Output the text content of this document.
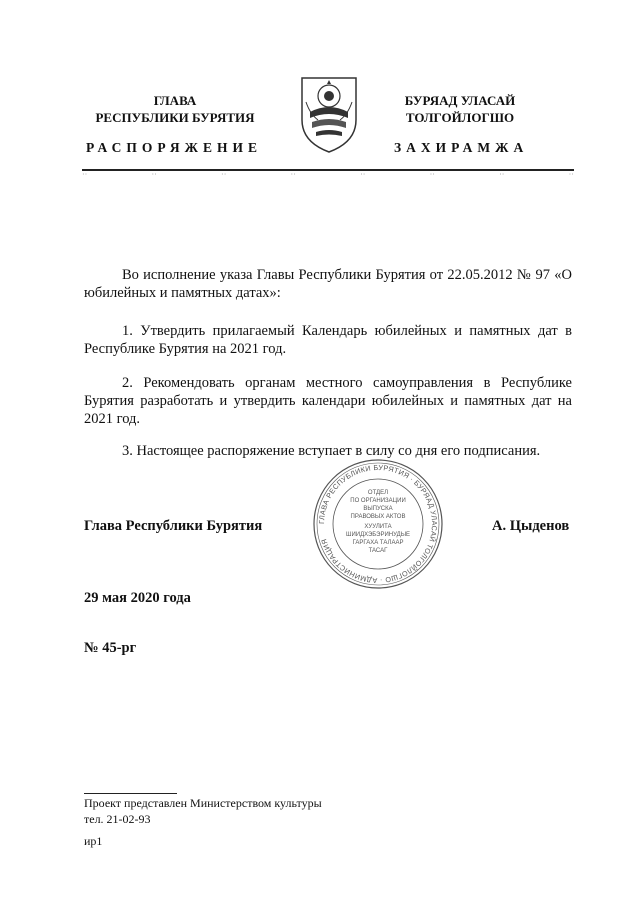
ГЛАВА
РЕСПУБЛИКИ БУРЯТИЯ
БУРЯАД УЛАСАЙ
ТОЛГОЙЛОГШО
РАСПОРЯЖЕНИЕ	ЗАХИРАМЖА
··	··	··	··	··	··	··	··
Во исполнение указа Главы Республики Бурятия от 22.05.2012 № 97 «О юбилейных и памятных датах»:
1. Утвердить прилагаемый Календарь юбилейных и памятных дат в Республике Бурятия на 2021 год.
2. Рекомендовать органам местного самоуправления в Республике Бурятия разработать и утвердить календари юбилейных и памятных дат на 2021 год.
3. Настоящее распоряжение вступает в силу со дня его подписания.
ГЛАВА РЕСПУБЛИКИ БУРЯТИЯ · БУРЯАД УЛАСАЙ ТОЛГОЙЛОГШО · АДМИНИСТРАЦИЯ
ОТДЕЛ
ПО ОРГАНИЗАЦИИ
ВЫПУСКА
ПРАВОВЫХ АКТОВ
ХУУЛИТА
ШИИДХЭБЭРИНУДЫЕ
ГАРГАХА ТАЛААР
ТАСАГ
Глава Республики Бурятия	А. Цыденов
29 мая 2020 года
№ 45-рг
Проект представлен Министерством культуры
тел. 21-02-93
ир1
